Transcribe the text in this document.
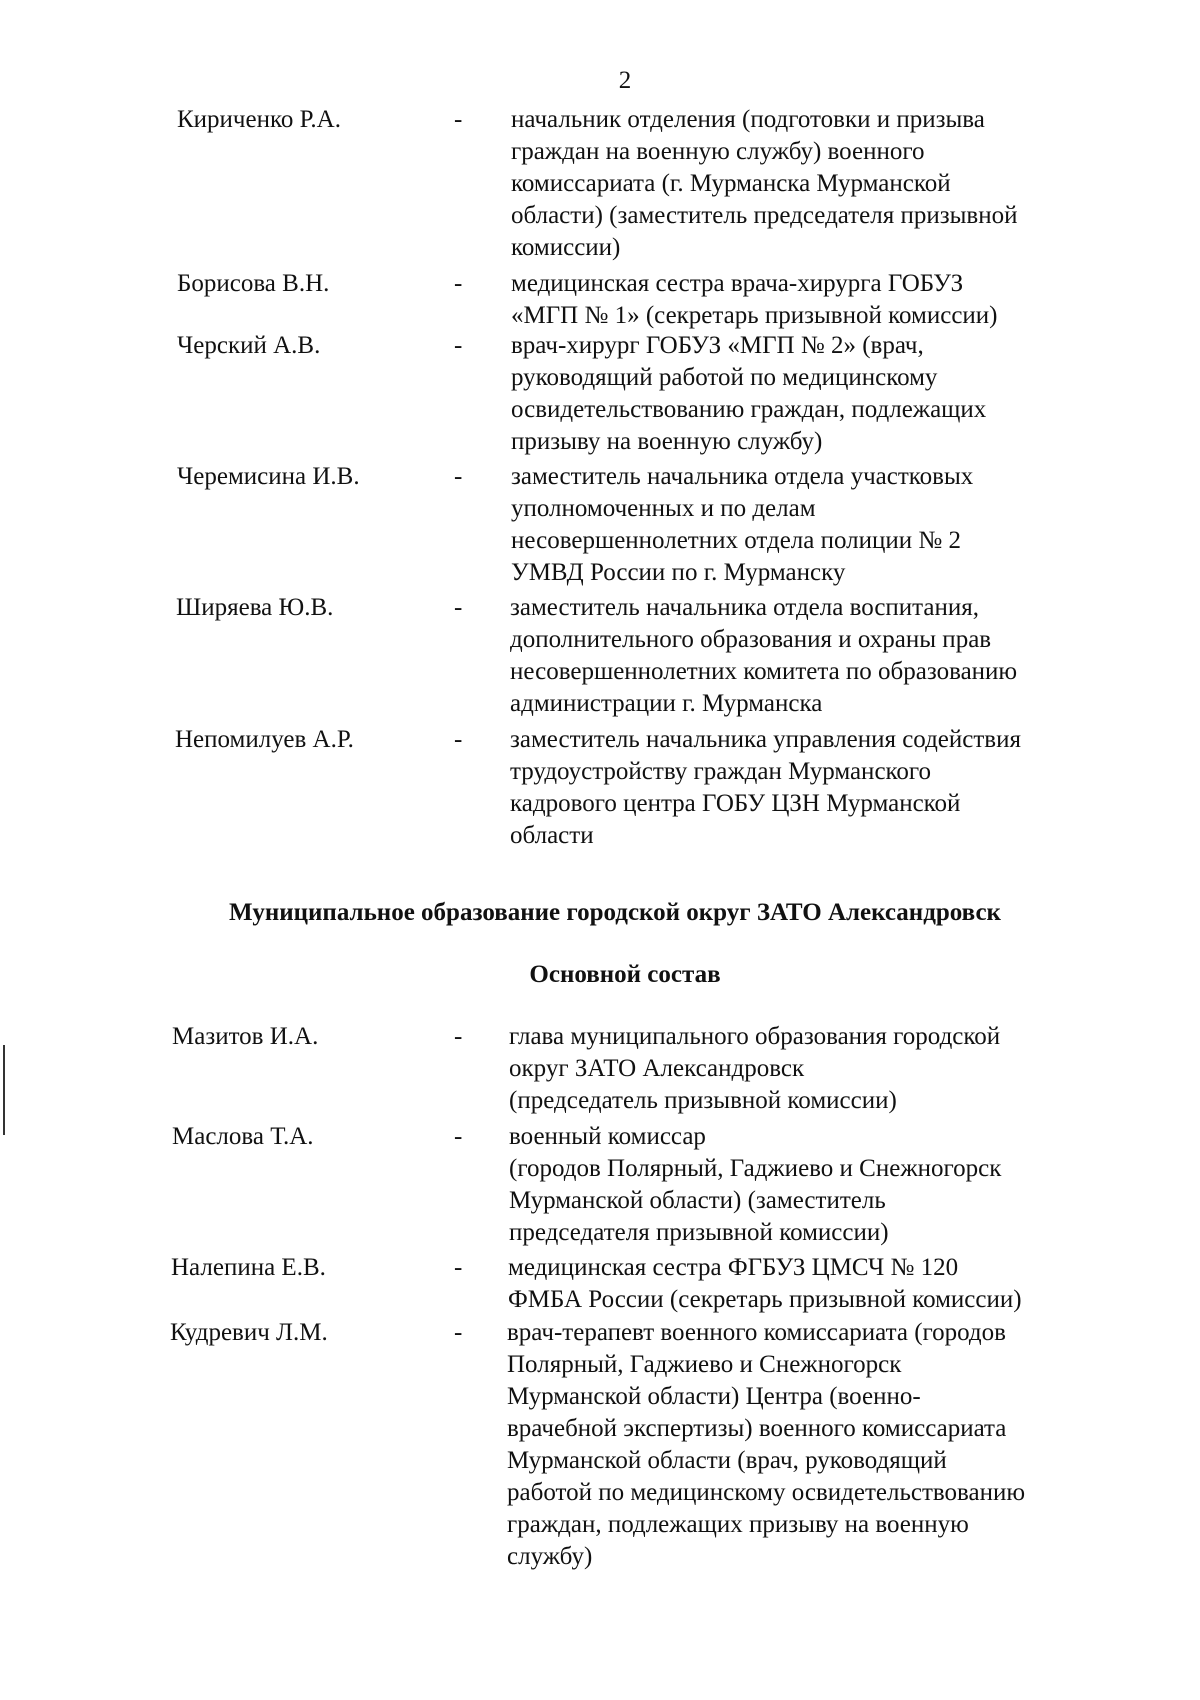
2
Кириченко Р.А.	- начальник отделения (подготовки и призыва
граждан на военную службу) военного
комиссариата (г. Мурманска Мурманской
области) (заместитель председателя призывной
комиссии)
Борисова В.Н.	- медицинская сестра врача-хирурга ГОБУЗ
«МГП № 1» (секретарь призывной комиссии)
Черский А.В.	- врач-хирург ГОБУЗ «МГП № 2» (врач,
руководящий работой по медицинскому
освидетельствованию граждан, подлежащих
призыву на военную службу)
Черемисина И.В.	- заместитель начальника отдела участковых
уполномоченных и по делам
несовершеннолетних отдела полиции № 2
УМВД России по г. Мурманску
Ширяева Ю.В.	- заместитель начальника отдела воспитания,
дополнительного образования и охраны прав
несовершеннолетних комитета по образованию
администрации г. Мурманска
Непомилуев А.Р.	- заместитель начальника управления содействия
трудоустройству граждан Мурманского
кадрового центра ГОБУ ЦЗН Мурманской
области
Муниципальное образование городской округ ЗАТО Александровск
Основной состав
Мазитов И.А.	- глава муниципального образования городской
округ ЗАТО Александровск
(председатель призывной комиссии)
Маслова Т.А.	- военный комиссар
(городов Полярный, Гаджиево и Снежногорск
Мурманской области) (заместитель
председателя призывной комиссии)
Налепина Е.В.	- медицинская сестра ФГБУЗ ЦМСЧ № 120
ФМБА России (секретарь призывной комиссии)
Кудревич Л.М.	- врач-терапевт военного комиссариата (городов
Полярный, Гаджиево и Снежногорск
Мурманской области) Центра (военно-
врачебной экспертизы) военного комиссариата
Мурманской области (врач, руководящий
работой по медицинскому освидетельствованию
граждан, подлежащих призыву на военную
службу)
